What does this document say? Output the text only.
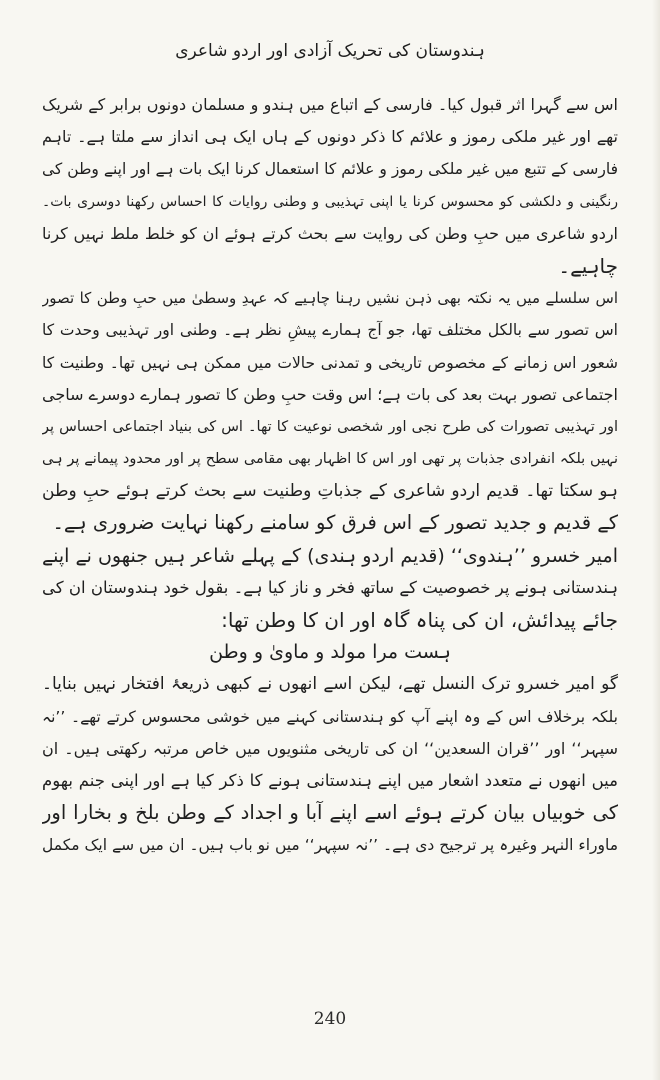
ہندوستان کی تحریک آزادی اور اردو شاعری
اس سے گہرا اثر قبول کیا۔ فارسی کے اتباع میں ہندو و مسلمان دونوں برابر کے شریک
تھے اور غیر ملکی رموز و علائم کا ذکر دونوں کے ہاں ایک ہی انداز سے ملتا ہے۔ تاہم
فارسی کے تتبع میں غیر ملکی رموز و علائم کا استعمال کرنا ایک بات ہے اور اپنے وطن کی
رنگینی و دلکشی کو محسوس کرنا یا اپنی تہذیبی و وطنی روایات کا احساس رکھنا دوسری بات۔
اردو شاعری میں حبِ وطن کی روایت سے بحث کرتے ہوئے ان کو خلط ملط نہیں کرنا
چاہیے۔
اس سلسلے میں یہ نکتہ بھی ذہن نشیں رہنا چاہیے کہ عہدِ وسطیٰ میں حبِ وطن کا تصور
اس تصور سے بالکل مختلف تھا، جو آج ہمارے پیشِ نظر ہے۔ وطنی اور تہذیبی وحدت کا
شعور اس زمانے کے مخصوص تاریخی و تمدنی حالات میں ممکن ہی نہیں تھا۔ وطنیت کا
اجتماعی تصور بہت بعد کی بات ہے؛ اس وقت حبِ وطن کا تصور ہمارے دوسرے ساجی
اور تہذیبی تصورات کی طرح نجی اور شخصی نوعیت کا تھا۔ اس کی بنیاد اجتماعی احساس پر
نہیں بلکہ انفرادی جذبات پر تھی اور اس کا اظہار بھی مقامی سطح پر اور محدود پیمانے پر ہی
ہو سکتا تھا۔ قدیم اردو شاعری کے جذباتِ وطنیت سے بحث کرتے ہوئے حبِ وطن
کے قدیم و جدید تصور کے اس فرق کو سامنے رکھنا نہایت ضروری ہے۔
امیر خسرو ’’ہندوی‘‘ (قدیم اردو ہندی) کے پہلے شاعر ہیں جنھوں نے اپنے
ہندستانی ہونے پر خصوصیت کے ساتھ فخر و ناز کیا ہے۔ بقول خود ہندوستان ان کی
جائے پیدائش، ان کی پناہ گاہ اور ان کا وطن تھا:
ہست مرا مولد و ماویٰ و وطن
گو امیر خسرو ترک النسل تھے، لیکن اسے انھوں نے کبھی ذریعۂ افتخار نہیں بنایا۔
بلکہ برخلاف اس کے وہ اپنے آپ کو ہندستانی کہنے میں خوشی محسوس کرتے تھے۔ ’’نہ
سپہر‘‘ اور ’’قران السعدین‘‘ ان کی تاریخی مثنویوں میں خاص مرتبہ رکھتی ہیں۔ ان
میں انھوں نے متعدد اشعار میں اپنے ہندستانی ہونے کا ذکر کیا ہے اور اپنی جنم بھوم
کی خوبیاں بیان کرتے ہوئے اسے اپنے آبا و اجداد کے وطن بلخ و بخارا اور
ماوراء النہر وغیرہ پر ترجیح دی ہے۔ ’’نہ سپہر‘‘ میں نو باب ہیں۔ ان میں سے ایک مکمل
240
